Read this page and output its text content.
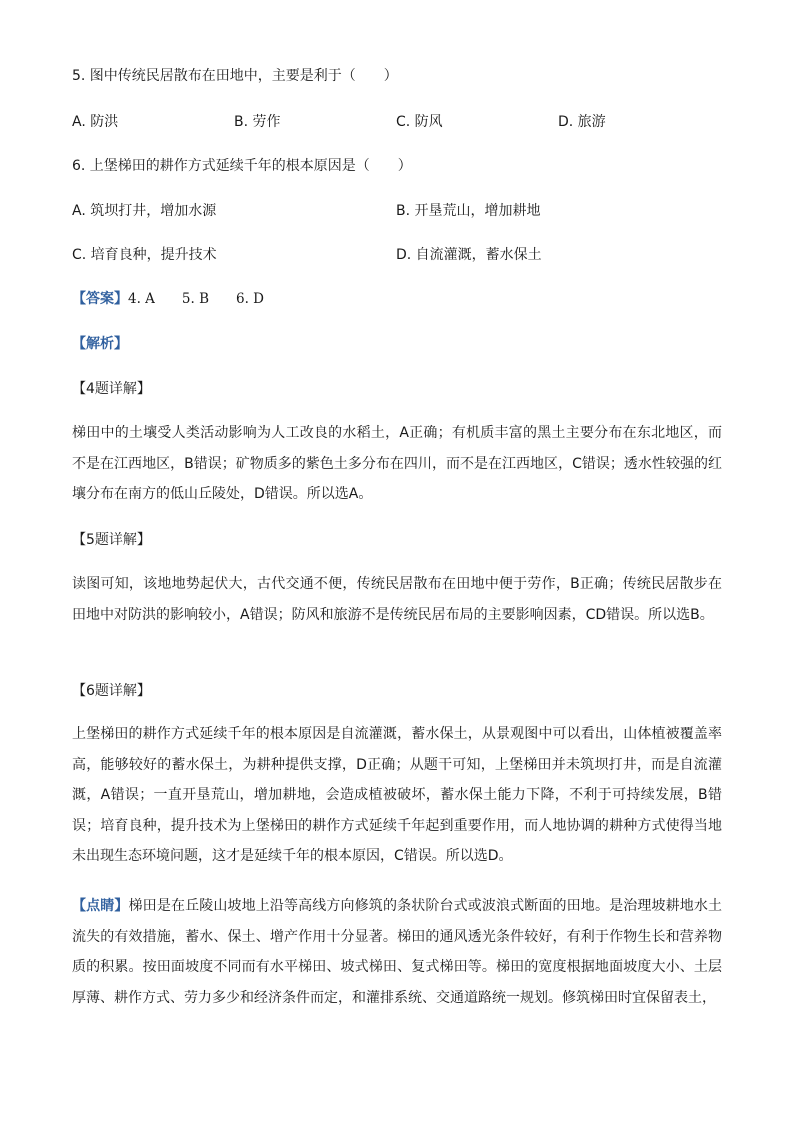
5. 图中传统民居散布在田地中，主要是利于（　　）
A. 防洪	B. 劳作	C. 防风	D. 旅游
6. 上堡梯田的耕作方式延续千年的根本原因是（　　）
A. 筑坝打井，增加水源	B. 开垦荒山，增加耕地
C. 培育良种，提升技术	D. 自流灌溉，蓄水保土
【答案】4. A　　5. B　　6. D
【解析】
【4题详解】
梯田中的土壤受人类活动影响为人工改良的水稻土，A正确；有机质丰富的黑土主要分布在东北地区，而不是在江西地区，B错误；矿物质多的紫色土多分布在四川，而不是在江西地区，C错误；透水性较强的红壤分布在南方的低山丘陵处，D错误。所以选A。
【5题详解】
读图可知，该地地势起伏大，古代交通不便，传统民居散布在田地中便于劳作，B正确；传统民居散步在田地中对防洪的影响较小，A错误；防风和旅游不是传统民居布局的主要影响因素，CD错误。所以选B。
【6题详解】
上堡梯田的耕作方式延续千年的根本原因是自流灌溉，蓄水保土，从景观图中可以看出，山体植被覆盖率高，能够较好的蓄水保土，为耕种提供支撑，D正确；从题干可知，上堡梯田并未筑坝打井，而是自流灌溉，A错误；一直开垦荒山，增加耕地，会造成植被破坏，蓄水保土能力下降，不利于可持续发展，B错误；培育良种，提升技术为上堡梯田的耕作方式延续千年起到重要作用，而人地协调的耕种方式使得当地未出现生态环境问题，这才是延续千年的根本原因，C错误。所以选D。
【点睛】梯田是在丘陵山坡地上沿等高线方向修筑的条状阶台式或波浪式断面的田地。是治理坡耕地水土流失的有效措施，蓄水、保土、增产作用十分显著。梯田的通风透光条件较好，有利于作物生长和营养物质的积累。按田面坡度不同而有水平梯田、坡式梯田、复式梯田等。梯田的宽度根据地面坡度大小、土层厚薄、耕作方式、劳力多少和经济条件而定，和灌排系统、交通道路统一规划。修筑梯田时宜保留表土，
